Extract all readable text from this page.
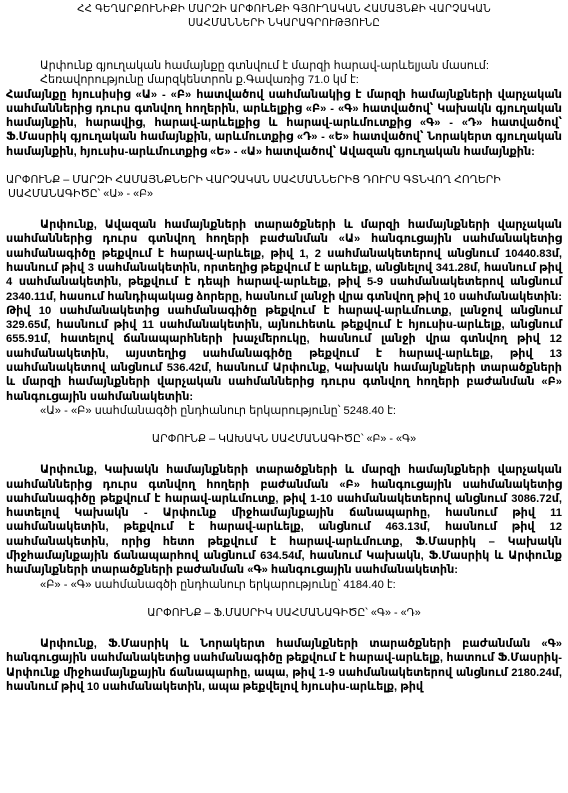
ՀՀ ԳԵՂԱՐՔՈՒՆԻՔԻ ՄԱՐԶԻ ԱՐՓՈՒՆՔԻ ԳՅՈՒՂԱԿԱՆ ՀԱՄԱՅՆՔԻ ՎԱՐՉԱԿԱՆ
ՍԱՀՄԱՆՆԵՐԻ ՆԿԱՐԱԳՐՈՒԹՅՈՒՆԸ

Արփունք գյուղական համայնքը գտնվում է մարզի հարավ-արևելյան մասում:

Հեռավորությունը մարզկենտրոն ք.Գավառից 71.0 կմ է:

Համայնքը հյուսիսից «Ա» - «Բ» հատվածով սահմանակից է մարզի համայնքների վարչական սահմաններից դուրս գտնվող հողերին, արևելքից «Բ» - «Գ» հատվածով՝ Կախակն գյուղական համայնքին, հարավից, հարավ-արևելքից և հարավ-արևմուտքից «Գ» - «Դ» հատվածով՝ Ֆ.Մասրիկ գյուղական համայնքին, արևմուտքից «Դ» - «Ե» հատվածով՝ Նորակերտ գյուղական համայնքին, հյուսիս-արևմուտքից «Ե» - «Ա» հատվածով՝ Ավազան գյուղական համայնքին:

ԱՐՓՈՒՆՔ – ՄԱՐԶԻ ՀԱՄԱՅՆՔՆԵՐԻ ՎԱՐՉԱԿԱՆ ՍԱՀՄԱՆՆԵՐԻՑ ԴՈՒՐՍ ԳՏՆՎՈՂ ՀՈՂԵՐԻ
ՍԱՀՄԱՆԱԳԻԾԸ՝ «Ա» - «Բ»

Արփունք, Ավազան համայնքների տարածքների և մարզի համայնքների վարչական սահմաններից դուրս գտնվող հողերի բաժանման «Ա» հանգուցային սահմանակետից սահմանագիծը թեքվում է հարավ-արևելք, թիվ 1, 2 սահմանակետերով անցնում 10440.83մ, հասնում թիվ 3 սահմանակետին, որտեղից թեքվում է արևելք, անցնելով 341.28մ, հասնում թիվ 4 սահմանակետին, թեքվում է դեպի հարավ-արևելք, թիվ 5-9 սահմանակետերով անցնում 2340.11մ, հասում հանդիպակաց ձորերը, հասնում լանջի վրա գտնվող թիվ 10 սահմանակետին: Թիվ 10 սահմանակետից սահմանագիծը թեքվում է հարավ-արևմուտք, լանջով անցնում 329.65մ, հասնում թիվ 11 սահմանակետին, այնուհետև թեքվում է հյուսիս-արևելք, անցնում 655.91մ, հատելով ճանապարհների խաչմերուկը, հասնում լանջի վրա գտնվող թիվ 12 սահմանակետին, այստեղից սահմանագիծը թեքվում է հարավ-արևելք, թիվ 13 սահմանակետով անցնում 536.42մ, հասնում Արփունք, Կախակն համայնքների տարածքների և մարզի համայնքների վարչական սահմաններից դուրս գտնվող հողերի բաժանման «Բ» հանգուցային սահմանակետին:

«Ա» - «Բ» սահմանագծի ընդհանուր երկարությունը՝ 5248.40 է:

ԱՐՓՈՒՆՔ – ԿԱԽԱԿՆ ՍԱՀՄԱՆԱԳԻԾԸ՝ «Բ» - «Գ»

Արփունք, Կախակն համայնքների տարածքների և մարզի համայնքների վարչական սահմաններից դուրս գտնվող հողերի բաժանման «Բ» հանգուցային սահմանակետից սահմանագիծը թեքվում է հարավ-արևմուտք, թիվ 1-10 սահմանակետերով անցնում 3086.72մ, հատելով Կախակն - Արփունք միջհամայնքային ճանապարհը, հասնում թիվ 11 սահմանակետին, թեքվում է հարավ-արևելք, անցնում 463.13մ, հասնում թիվ 12 սահմանակետին, որից հետո թեքվում է հարավ-արևմուտք, Ֆ.Մասրիկ – Կախակն միջհամայնքային ճանապարհով անցնում 634.54մ, հասնում Կախակն, Ֆ.Մասրիկ և Արփունք համայնքների տարածքների բաժանման «Գ» հանգուցային սահմանակետին:

«Բ» - «Գ» սահմանագծի ընդհանուր երկարությունը՝ 4184.40 է:

ԱՐՓՈՒՆՔ – Ֆ.ՄԱՍՐԻԿ ՍԱՀՄԱՆԱԳԻԾԸ՝ «Գ» - «Դ»

Արփունք, Ֆ.Մասրիկ և Նորակերտ համայնքների տարածքների բաժանման «Գ» հանգուցային սահմանակետից սահմանագիծը թեքվում է հարավ-արևելք, հատում Ֆ.Մասրիկ-Արփունք միջհամայնքային ճանապարհը, ապա, թիվ 1-9 սահմանակետերով անցնում 2180.24մ, հասնում թիվ 10 սահմանակետին, ապա թեքվելով հյուսիս-արևելք, թիվ
